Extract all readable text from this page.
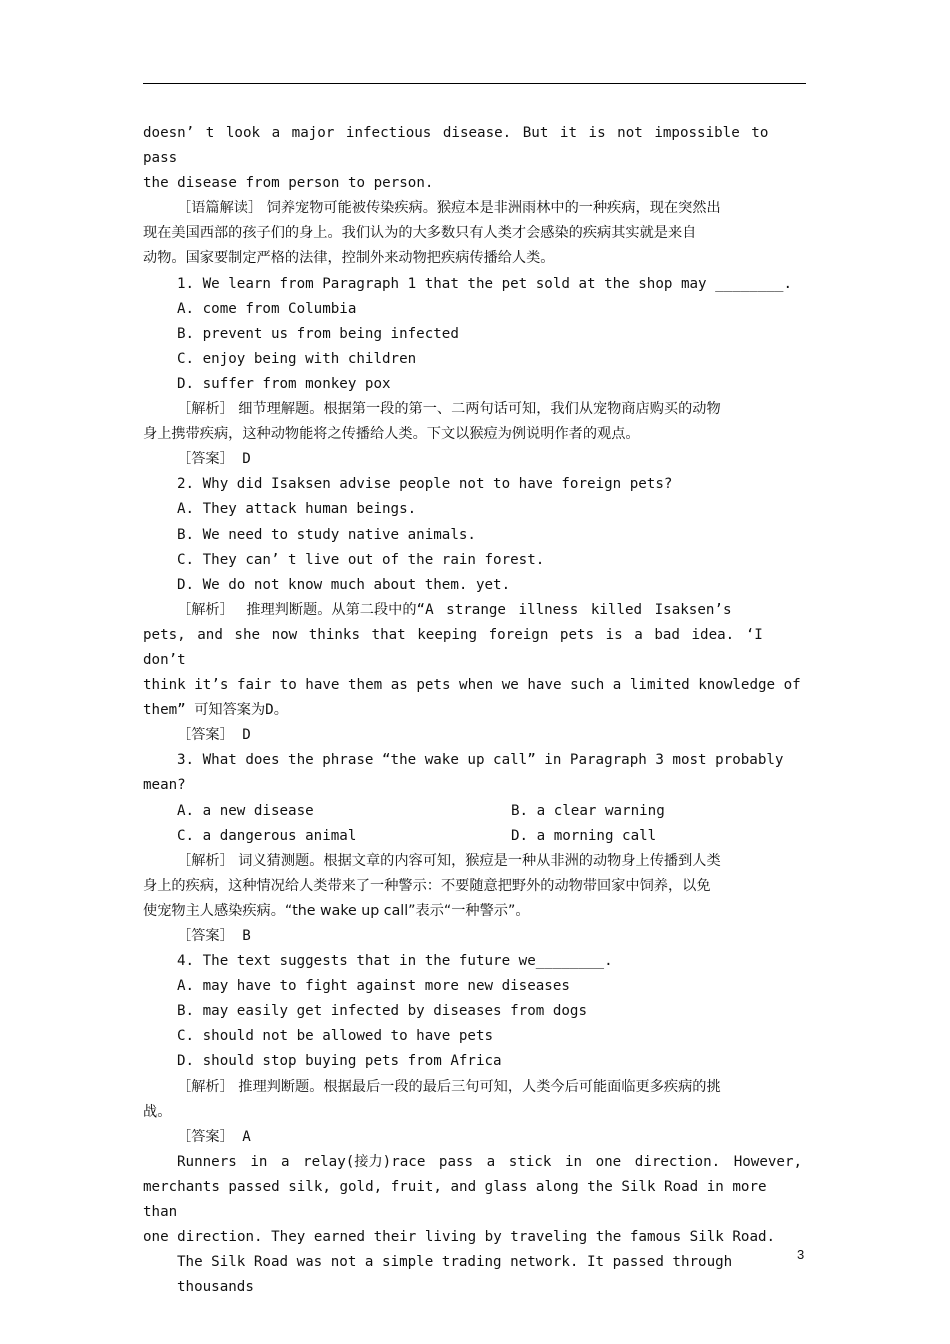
doesn’ t look a major infectious disease. But it is not impossible to pass

the disease from person to person.

［语篇解读］ 饲养宠物可能被传染疾病。猴痘本是非洲雨林中的一种疾病，现在突然出

现在美国西部的孩子们的身上。我们认为的大多数只有人类才会感染的疾病其实就是来自

动物。国家要制定严格的法律，控制外来动物把疾病传播给人类。

1. We learn from Paragraph 1 that the pet sold at the shop may ________.

A. come from Columbia

B. prevent us from being infected

C. enjoy being with children

D. suffer from monkey pox

［解析］ 细节理解题。根据第一段的第一、二两句话可知，我们从宠物商店购买的动物

身上携带疾病，这种动物能将之传播给人类。下文以猴痘为例说明作者的观点。

［答案］ D

2. Why did Isaksen advise people not to have foreign pets?

A. They attack human beings.

B. We need to study native animals.

C. They can’ t live out of the rain forest.

D. We do not know much about them. yet.

［解析］ 推理判断题。从第二段中的“A strange illness killed Isaksen’s

pets, and she now thinks that keeping foreign pets is a bad idea. ‘I don’t

think it’s fair to have them as pets when we have such a limited knowledge of

them” 可知答案为D。

［答案］ D

3. What does the phrase “the wake up call” in Paragraph 3 most probably

mean?

A. a new disease	B. a clear warning
C. a dangerous animal	D. a morning call

［解析］ 词义猜测题。根据文章的内容可知，猴痘是一种从非洲的动物身上传播到人类

身上的疾病，这种情况给人类带来了一种警示：不要随意把野外的动物带回家中饲养，以免

使宠物主人感染疾病。“the wake up call”表示“一种警示”。

［答案］ B

4. The text suggests that in the future we________.

A. may have to fight against more new diseases

B. may easily get infected by diseases from dogs

C. should not be allowed to have pets

D. should stop buying pets from Africa

［解析］ 推理判断题。根据最后一段的最后三句可知，人类今后可能面临更多疾病的挑

战。

［答案］ A

Runners in a relay(接力)race pass a stick in one direction. However,

merchants passed silk, gold, fruit, and glass along the Silk Road in more than

one direction. They earned their living by traveling the famous Silk Road.

The Silk Road was not a simple trading network. It passed through thousands

3
